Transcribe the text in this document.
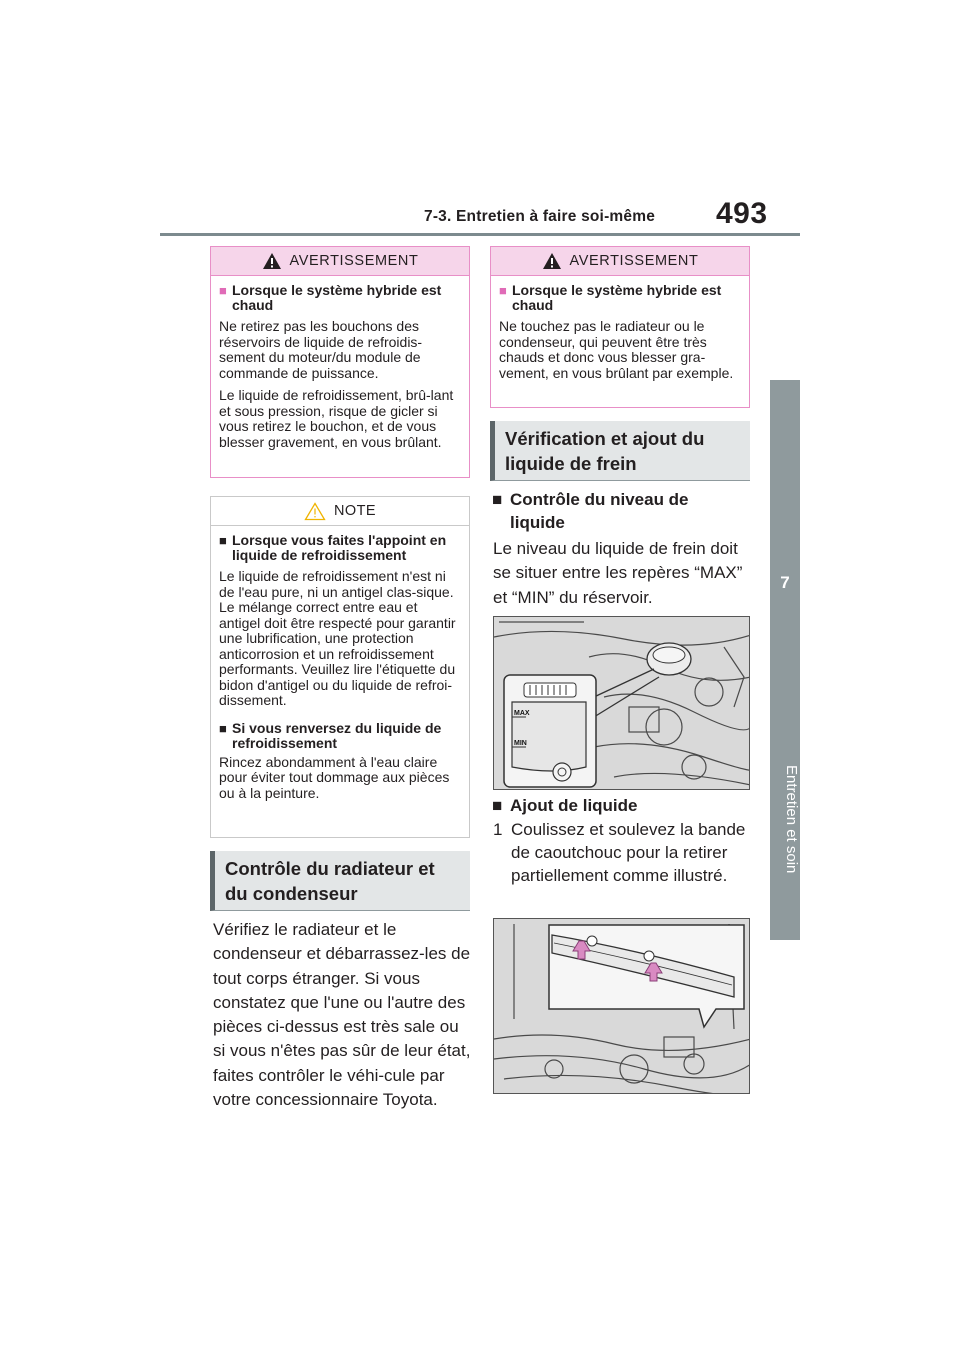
7-3. Entretien à faire soi-même 493
7
Entretien et soin
AVERTISSEMENT
■ Lorsque le système hybride est chaud
Ne retirez pas les bouchons des réservoirs de liquide de refroidis-sement du moteur/du module de commande de puissance.
Le liquide de refroidissement, brû-lant et sous pression, risque de gicler si vous retirez le bouchon, et de vous blesser gravement, en vous brûlant.
NOTE
■ Lorsque vous faites l'appoint en liquide de refroidissement
Le liquide de refroidissement n'est ni de l'eau pure, ni un antigel clas-sique. Le mélange correct entre eau et antigel doit être respecté pour garantir une lubrification, une protection anticorrosion et un refroidissement performants. Veuillez lire l'étiquette du bidon d'antigel ou du liquide de refroi-dissement.
■ Si vous renversez du liquide de refroidissement
Rincez abondamment à l'eau claire pour éviter tout dommage aux pièces ou à la peinture.
Contrôle du radiateur et du condenseur
Vérifiez le radiateur et le condenseur et débarrassez-les de tout corps étranger. Si vous constatez que l'une ou l'autre des pièces ci-dessus est très sale ou si vous n'êtes pas sûr de leur état, faites contrôler le véhi-cule par votre concessionnaire Toyota.
AVERTISSEMENT
■ Lorsque le système hybride est chaud
Ne touchez pas le radiateur ou le condenseur, qui peuvent être très chauds et donc vous blesser gra-vement, en vous brûlant par exemple.
Vérification et ajout du liquide de frein
■ Contrôle du niveau de liquide
Le niveau du liquide de frein doit se situer entre les repères “MAX” et “MIN” du réservoir.
MAX
MIN
■ Ajout de liquide
1 Coulissez et soulevez la bande de caoutchouc pour la retirer partiellement comme illustré.
